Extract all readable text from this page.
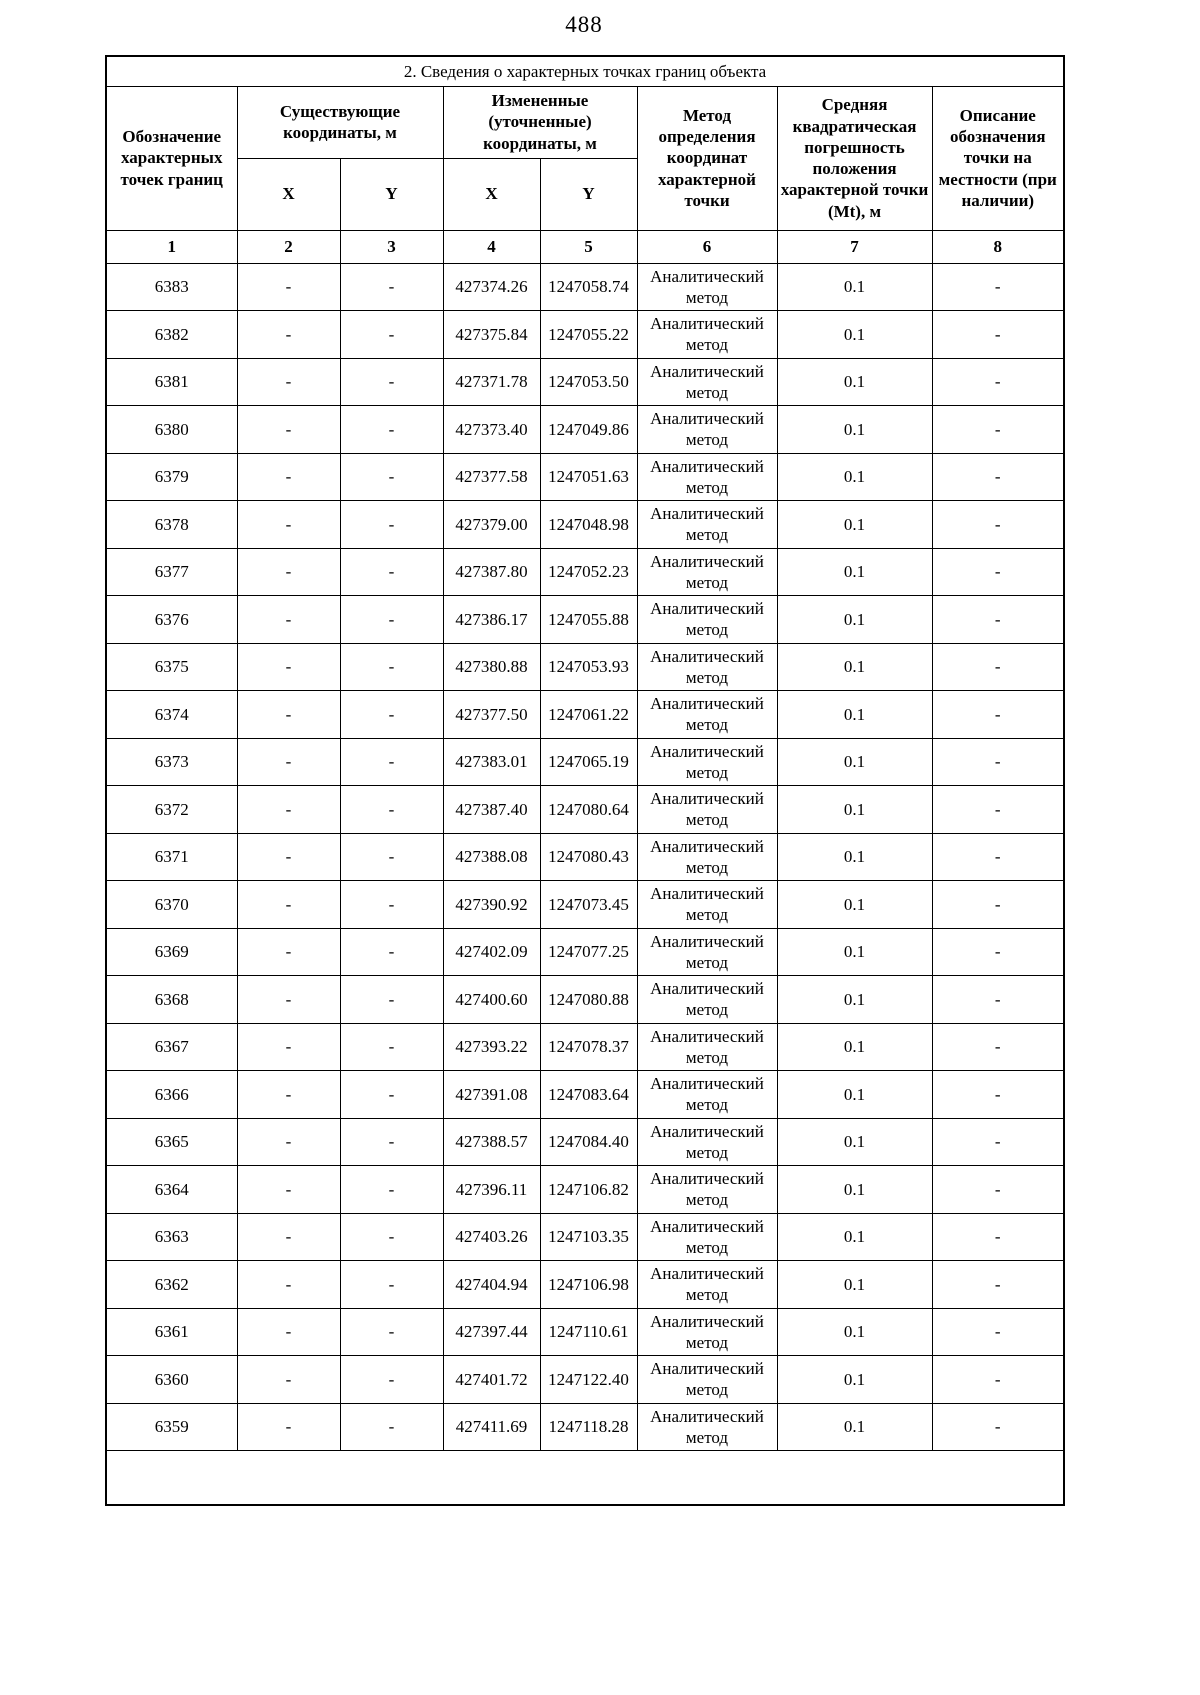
488
2. Сведения о характерных точках границ объекта							
Обозначение характерных точек границ	Существующие координаты, м		Измененные (уточненные) координаты, м		Метод определения координат характерной точки	Средняя квадратическая погрешность положения характерной точки (Mt), м	Описание обозначения точки на местности (при наличии)
	X	Y	X	Y			
1	2	3	4	5	6	7	8
6383	-	-	427374.26	1247058.74	Аналитический метод	0.1	-
6382	-	-	427375.84	1247055.22	Аналитический метод	0.1	-
6381	-	-	427371.78	1247053.50	Аналитический метод	0.1	-
6380	-	-	427373.40	1247049.86	Аналитический метод	0.1	-
6379	-	-	427377.58	1247051.63	Аналитический метод	0.1	-
6378	-	-	427379.00	1247048.98	Аналитический метод	0.1	-
6377	-	-	427387.80	1247052.23	Аналитический метод	0.1	-
6376	-	-	427386.17	1247055.88	Аналитический метод	0.1	-
6375	-	-	427380.88	1247053.93	Аналитический метод	0.1	-
6374	-	-	427377.50	1247061.22	Аналитический метод	0.1	-
6373	-	-	427383.01	1247065.19	Аналитический метод	0.1	-
6372	-	-	427387.40	1247080.64	Аналитический метод	0.1	-
6371	-	-	427388.08	1247080.43	Аналитический метод	0.1	-
6370	-	-	427390.92	1247073.45	Аналитический метод	0.1	-
6369	-	-	427402.09	1247077.25	Аналитический метод	0.1	-
6368	-	-	427400.60	1247080.88	Аналитический метод	0.1	-
6367	-	-	427393.22	1247078.37	Аналитический метод	0.1	-
6366	-	-	427391.08	1247083.64	Аналитический метод	0.1	-
6365	-	-	427388.57	1247084.40	Аналитический метод	0.1	-
6364	-	-	427396.11	1247106.82	Аналитический метод	0.1	-
6363	-	-	427403.26	1247103.35	Аналитический метод	0.1	-
6362	-	-	427404.94	1247106.98	Аналитический метод	0.1	-
6361	-	-	427397.44	1247110.61	Аналитический метод	0.1	-
6360	-	-	427401.72	1247122.40	Аналитический метод	0.1	-
6359	-	-	427411.69	1247118.28	Аналитический метод	0.1	-
